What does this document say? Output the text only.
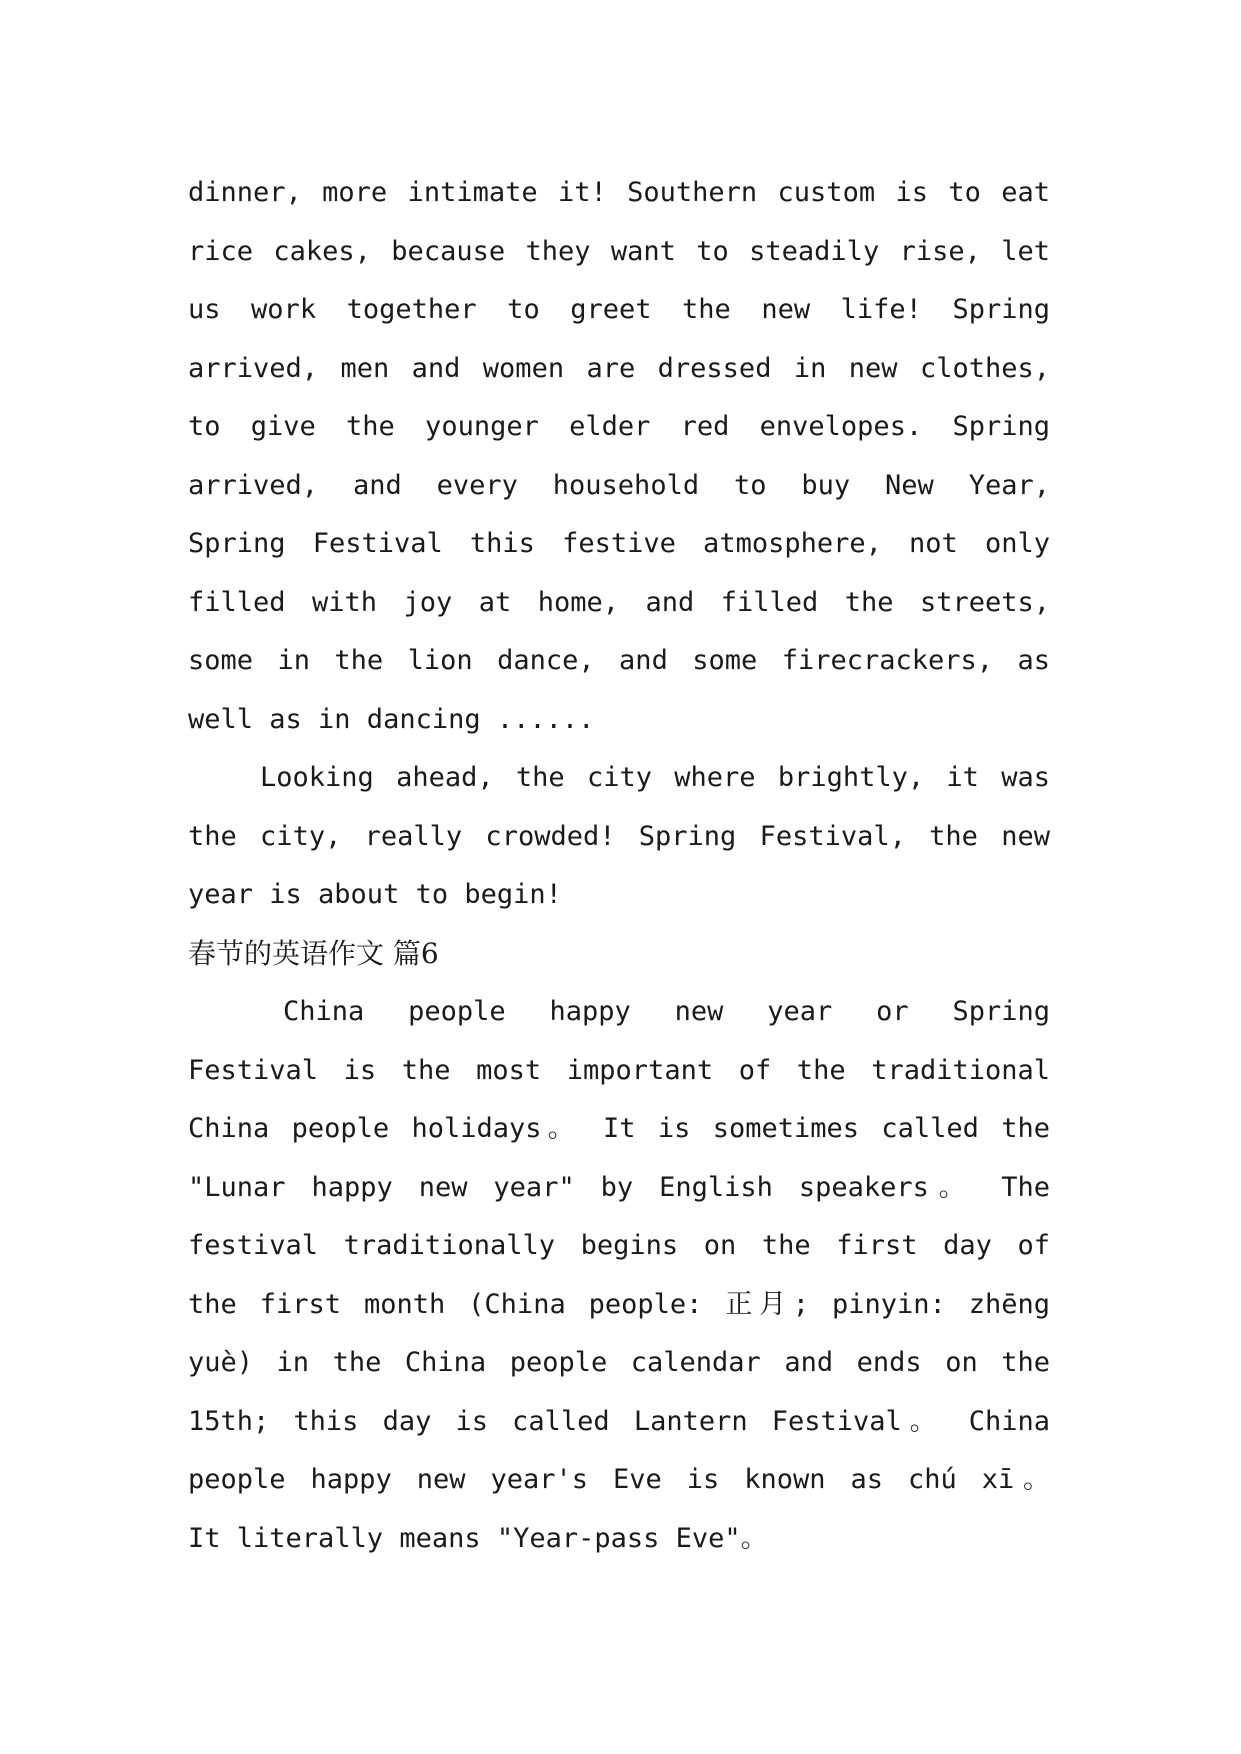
dinner, more intimate it! Southern custom is to eat
rice cakes, because they want to steadily rise, let
us work together to greet the new life! Spring
arrived, men and women are dressed in new clothes,
to give the younger elder red envelopes. Spring
arrived, and every household to buy New Year,
Spring Festival this festive atmosphere, not only
filled with joy at home, and filled the streets,
some in the lion dance, and some firecrackers, as
well as in dancing ......
Looking ahead, the city where brightly, it was
the city, really crowded! Spring Festival, the new
year is about to begin!
春节的英语作文 篇6
China people happy new year or Spring
Festival is the most important of the traditional
China people holidays。 It is sometimes called the
"Lunar happy new year" by English speakers。 The
festival traditionally begins on the first day of
the first month (China people: 正月; pinyin: zhēng
yuè) in the China people calendar and ends on the
15th; this day is called Lantern Festival。 China
people happy new year's Eve is known as chú xī。
It literally means "Year-pass Eve"。
